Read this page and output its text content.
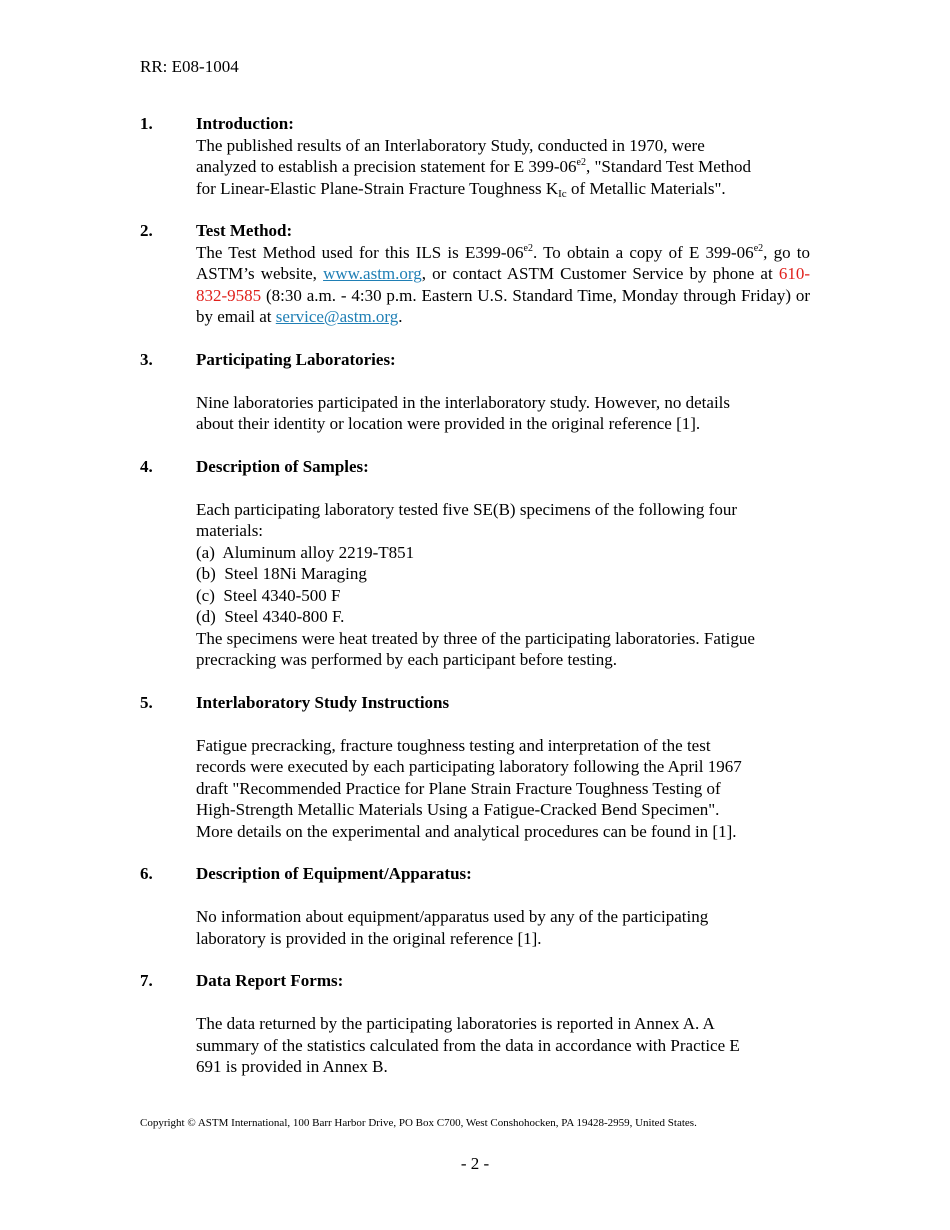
RR: E08-1004
1.	Introduction:
The published results of an Interlaboratory Study, conducted in 1970, were
analyzed to establish a precision statement for E $399-06^{e2}$, "Standard Test Method
for Linear-Elastic Plane-Strain Fracture Toughness $K_{Ic}$ of Metallic Materials".
2.	Test Method:
The Test Method used for this ILS is $E399-06^{e2}$. To obtain a copy of E $399-06^{e2}$, go to ASTM’s website, www.astm.org, or contact ASTM Customer Service by phone at 610-832-9585 (8:30 a.m. - 4:30 p.m. Eastern U.S. Standard Time, Monday through Friday) or by email at service@astm.org.
3.	Participating Laboratories:
Nine laboratories participated in the interlaboratory study. However, no details
about their identity or location were provided in the original reference [1].
4.	Description of Samples:
Each participating laboratory tested five SE(B) specimens of the following four
materials:
(a)  Aluminum alloy 2219-T851
(b)  Steel 18Ni Maraging
(c)  Steel 4340-500 F
(d)  Steel 4340-800 F.
The specimens were heat treated by three of the participating laboratories. Fatigue
precracking was performed by each participant before testing.
5.	Interlaboratory Study Instructions
Fatigue precracking, fracture toughness testing and interpretation of the test
records were executed by each participating laboratory following the April 1967
draft "Recommended Practice for Plane Strain Fracture Toughness Testing of
High-Strength Metallic Materials Using a Fatigue-Cracked Bend Specimen".
More details on the experimental and analytical procedures can be found in [1].
6.	Description of Equipment/Apparatus:
No information about equipment/apparatus used by any of the participating
laboratory is provided in the original reference [1].
7.	Data Report Forms:
The data returned by the participating laboratories is reported in Annex A. A
summary of the statistics calculated from the data in accordance with Practice E
691 is provided in Annex B.
Copyright © ASTM International, 100 Barr Harbor Drive, PO Box C700, West Conshohocken, PA 19428-2959, United States.
- 2 -
